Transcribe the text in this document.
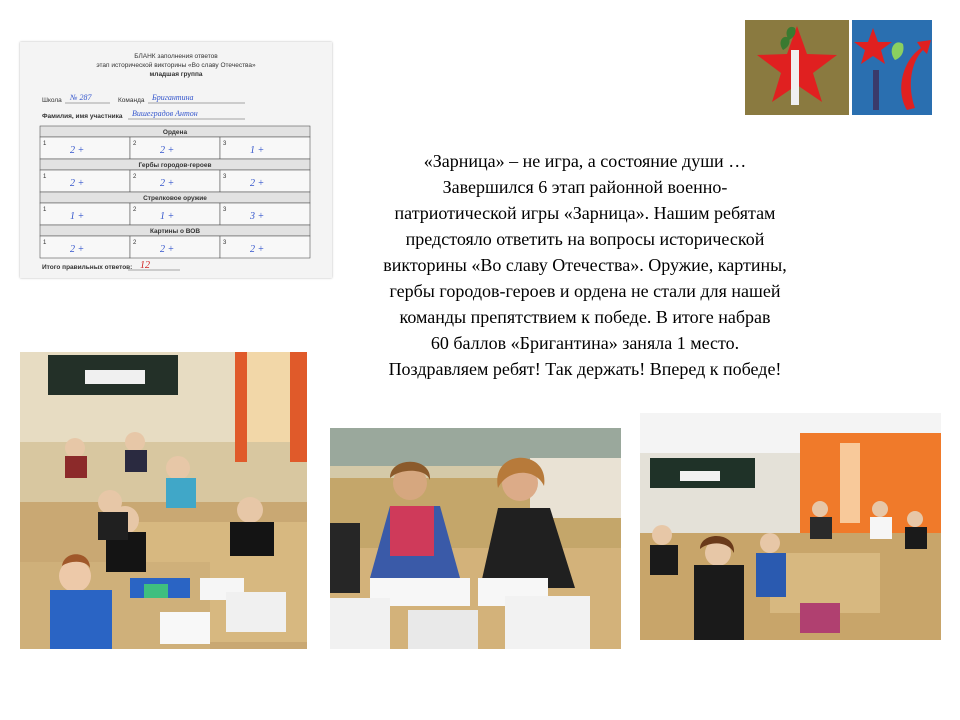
БЛАНК заполнения ответов
этап исторической викторины «Во славу Отечества»
младшая группа
Школа № 287	Команда Бригантина
Фамилия, имя участника Вишеградов Антон
Ордена
1
2 +
2
2 +
3
1 +
Гербы городов-героев
1
2 +
2
2 +
3
2 +
Стрелковое оружие
1
1 +
2
1 +
3
3 +
Картины о ВОВ
1
2 +
2
2 +
3
2 +
Итого правильных ответов: 12
«Зарница» – не игра, а состояние души …
Завершился 6 этап районной военно-
патриотической игры «Зарница». Нашим ребятам
предстояло ответить на вопросы исторической
викторины «Во славу Отечества». Оружие, картины,
гербы городов-героев и ордена не стали для нашей
команды препятствием к победе. В итоге набрав
60 баллов «Бригантина» заняла 1 место.
Поздравляем ребят! Так держать! Вперед к победе!
